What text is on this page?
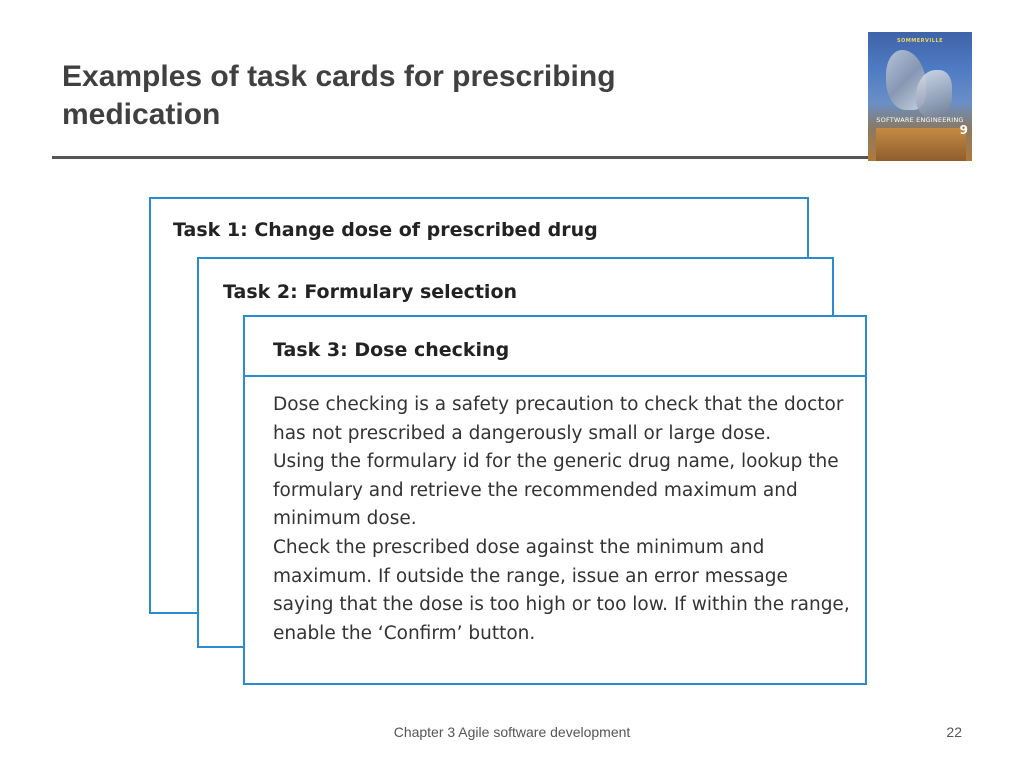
Examples of task cards for prescribing medication
SOMMERVILLE
SOFTWARE ENGINEERING
9
Task 1: Change dose of prescribed drug
Task 2: Formulary selection
Task 3: Dose checking

Dose checking is a safety precaution to check that the doctor has not prescribed a dangerously small or large dose.

Using the formulary id for the generic drug name, lookup the formulary and retrieve the recommended maximum and minimum dose.

Check the prescribed dose against the minimum and maximum. If outside the range, issue an error message saying that the dose is too high or too low. If within the range, enable the ‘Confirm’ button.

Chapter 3 Agile software development	22
